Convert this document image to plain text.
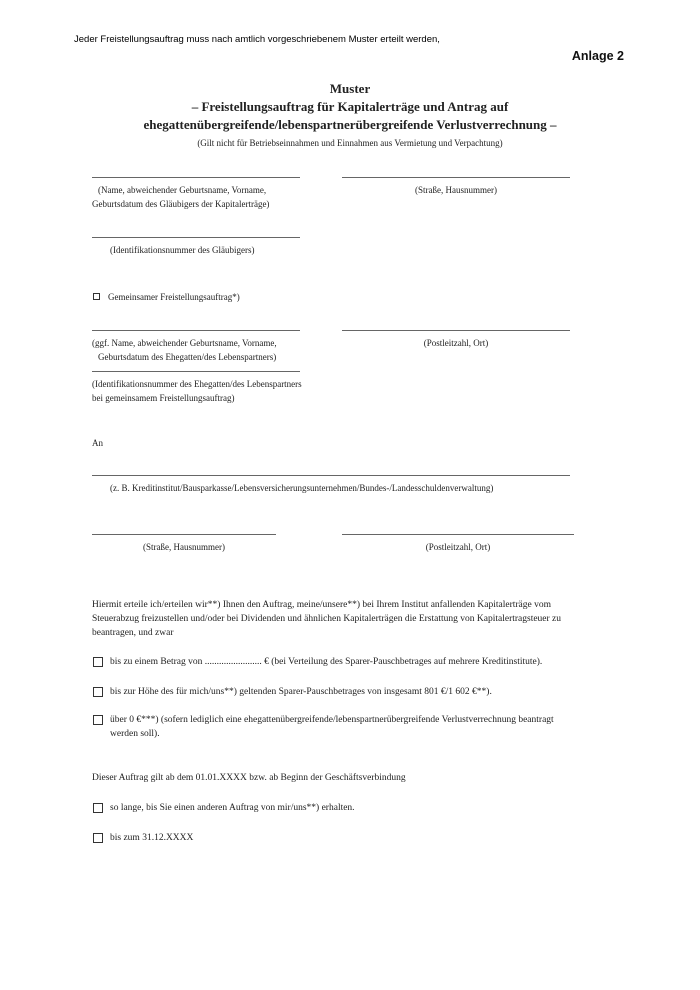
Jeder Freistellungsauftrag muss nach amtlich vorgeschriebenem Muster erteilt werden,
Anlage 2
Muster
– Freistellungsauftrag für Kapitalerträge und Antrag auf
ehegattenübergreifende/lebenspartnerübergreifende Verlustverrechnung –
(Gilt nicht für Betriebseinnahmen und Einnahmen aus Vermietung und Verpachtung)
(Name, abweichender Geburtsname, Vorname,
Geburtsdatum des Gläubigers der Kapitalerträge)
(Straße, Hausnummer)
(Identifikationsnummer des Gläubigers)
Gemeinsamer Freistellungsauftrag*)
(ggf. Name, abweichender Geburtsname, Vorname,
Geburtsdatum des Ehegatten/des Lebenspartners)
(Postleitzahl, Ort)
(Identifikationsnummer des Ehegatten/des Lebenspartners
bei gemeinsamem Freistellungsauftrag)
An
(z. B. Kreditinstitut/Bausparkasse/Lebensversicherungsunternehmen/Bundes-/Landesschuldenverwaltung)
(Straße, Hausnummer)	(Postleitzahl, Ort)
Hiermit erteile ich/erteilen wir**) Ihnen den Auftrag, meine/unsere**) bei Ihrem Institut anfallenden Kapitalerträge vom
Steuerabzug freizustellen und/oder bei Dividenden und ähnlichen Kapitalerträgen die Erstattung von Kapitalertragsteuer zu
beantragen, und zwar
bis zu einem Betrag von ........................ € (bei Verteilung des Sparer-Pauschbetrages auf mehrere Kreditinstitute).
bis zur Höhe des für mich/uns**) geltenden Sparer-Pauschbetrages von insgesamt 801 €/1 602 €**).
über 0 €***) (sofern lediglich eine ehegattenübergreifende/lebenspartnerübergreifende Verlustverrechnung beantragt
werden soll).
Dieser Auftrag gilt ab dem 01.01.XXXX bzw. ab Beginn der Geschäftsverbindung
so lange, bis Sie einen anderen Auftrag von mir/uns**) erhalten.
bis zum 31.12.XXXX
